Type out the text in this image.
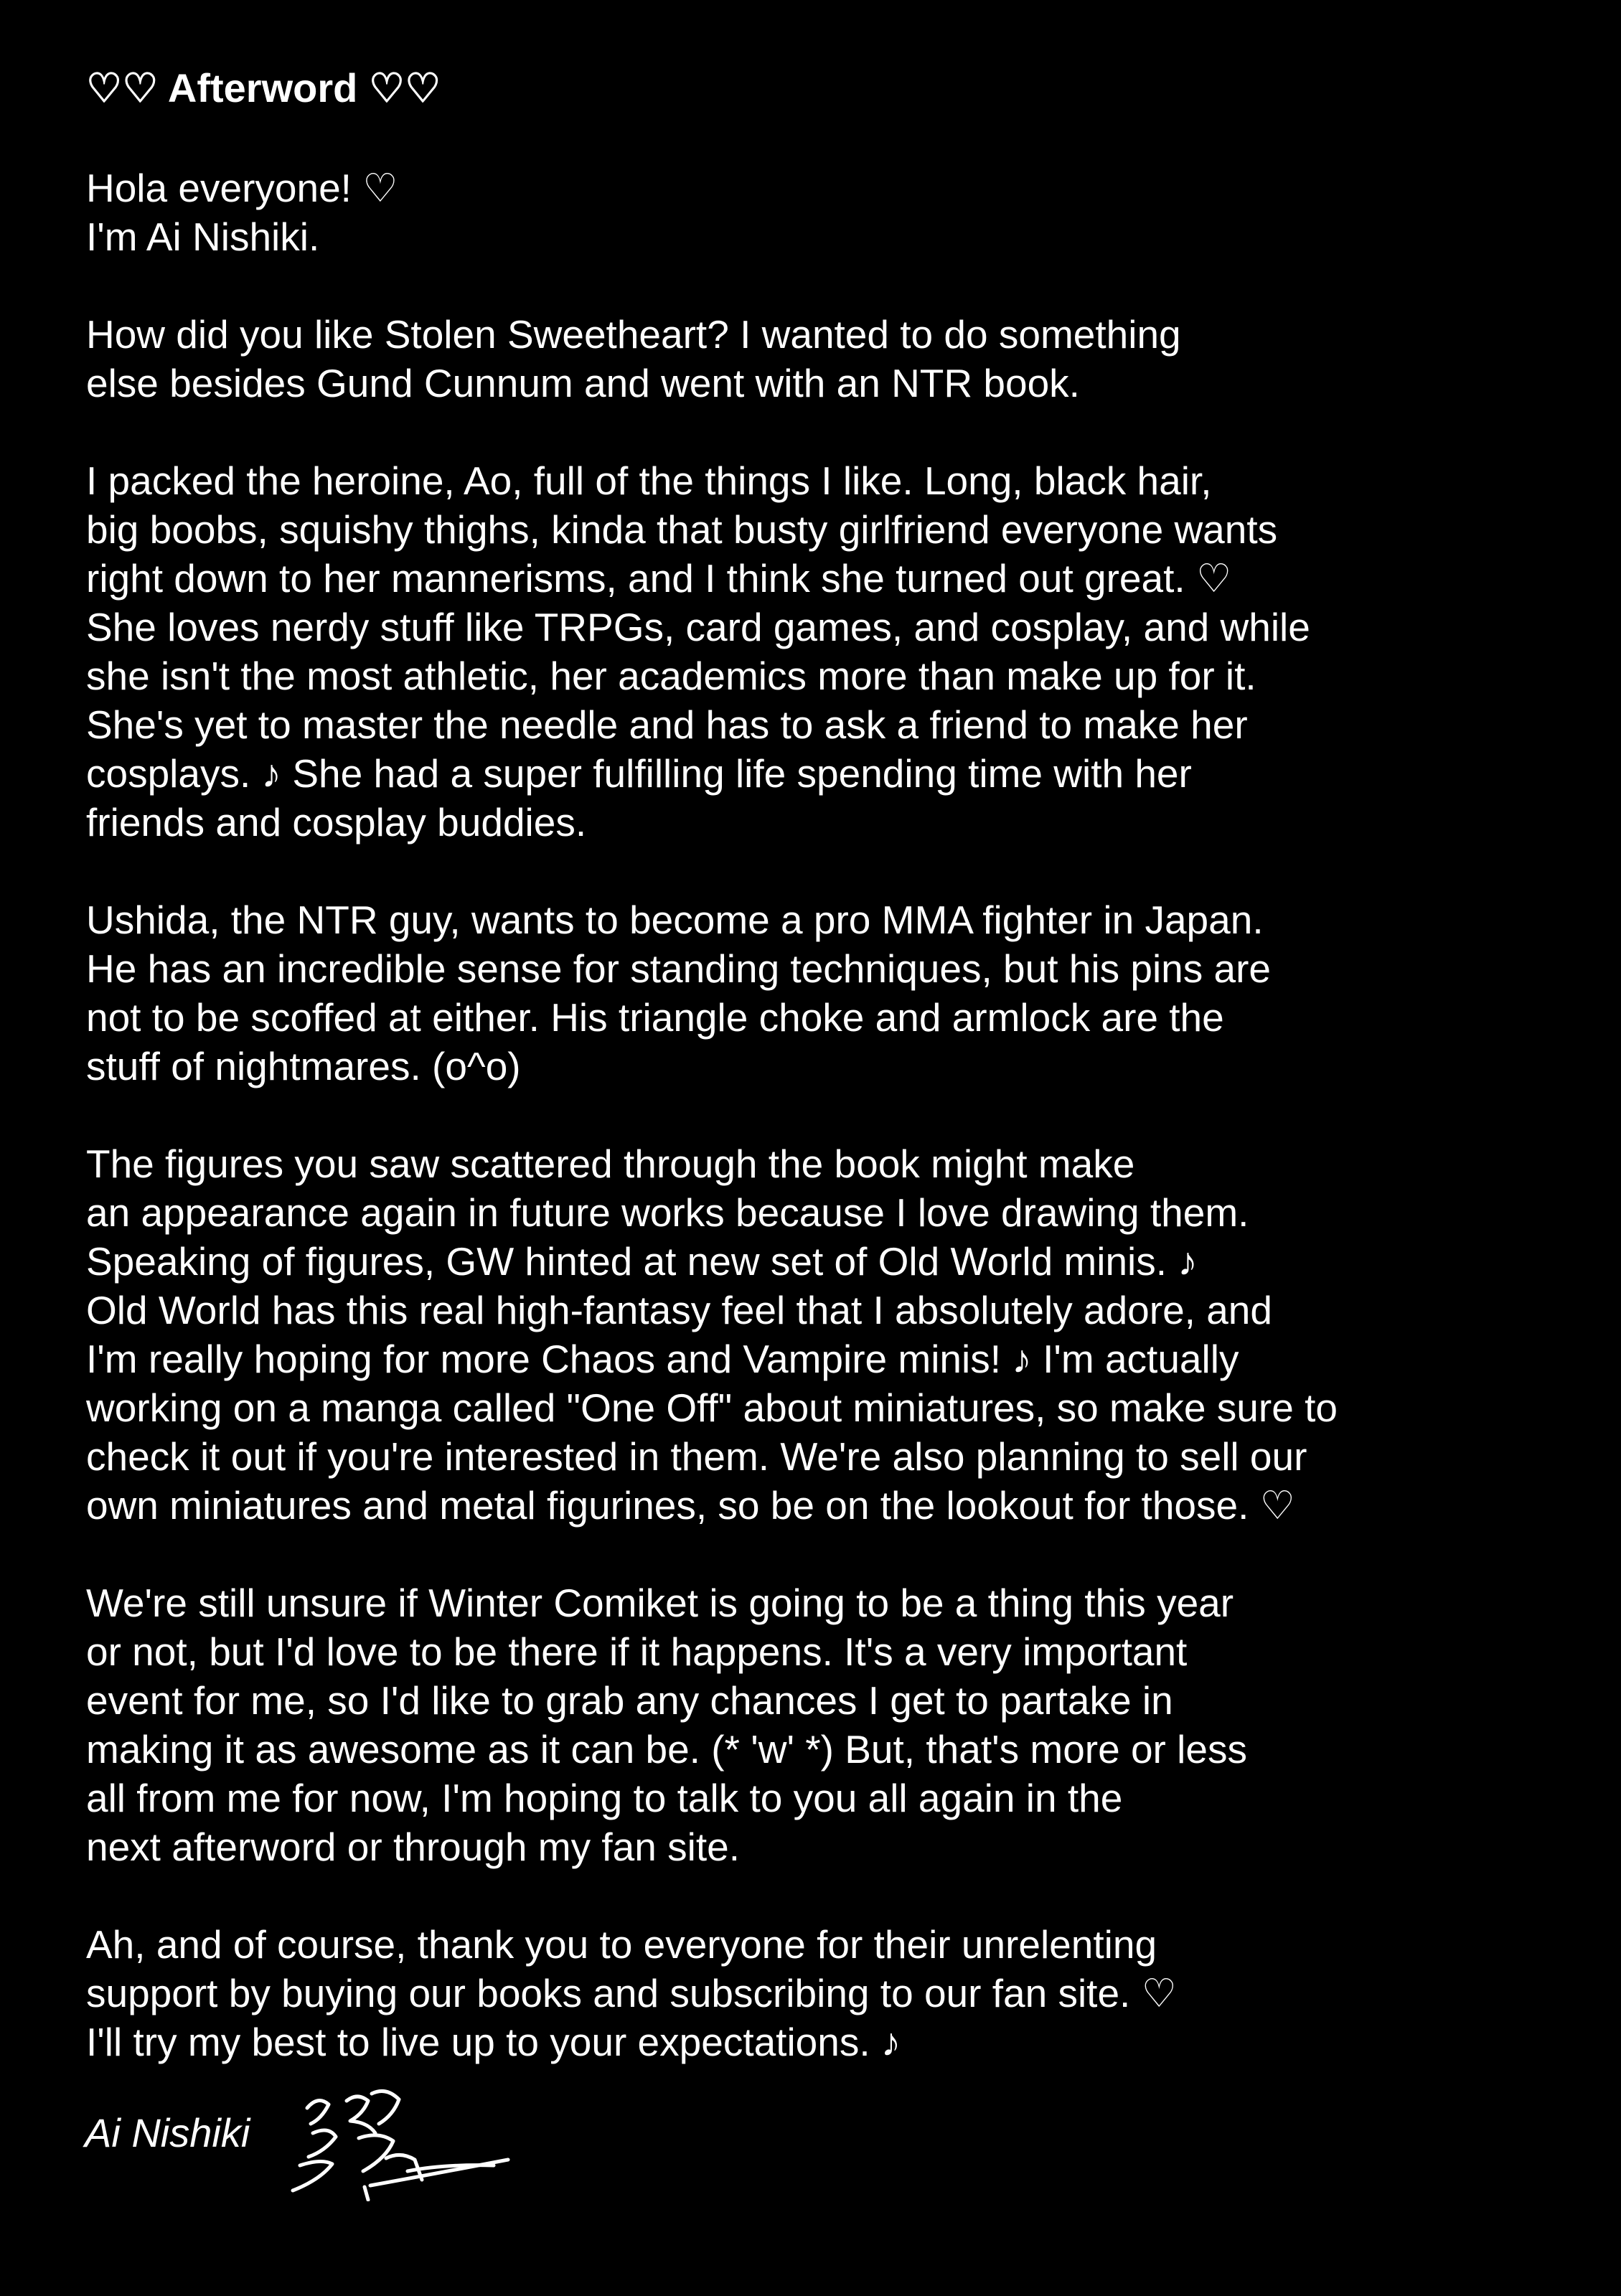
♡♡ Afterword ♡♡
Hola everyone! ♡
I'm Ai Nishiki.
How did you like Stolen Sweetheart? I wanted to do something
else besides Gund Cunnum and went with an NTR book.
I packed the heroine, Ao, full of the things I like. Long, black hair,
big boobs, squishy thighs, kinda that busty girlfriend everyone wants
right down to her mannerisms, and I think she turned out great. ♡
She loves nerdy stuff like TRPGs, card games, and cosplay, and while
she isn't the most athletic, her academics more than make up for it.
She's yet to master the needle and has to ask a friend to make her
cosplays. ♪ She had a super fulfilling life spending time with her
friends and cosplay buddies.
Ushida, the NTR guy, wants to become a pro MMA fighter in Japan.
He has an incredible sense for standing techniques, but his pins are
not to be scoffed at either. His triangle choke and armlock are the
stuff of nightmares. (o^o)
The figures you saw scattered through the book might make
an appearance again in future works because I love drawing them.
Speaking of figures, GW hinted at new set of Old World minis. ♪
Old World has this real high-fantasy feel that I absolutely adore, and
I'm really hoping for more Chaos and Vampire minis! ♪ I'm actually
working on a manga called "One Off" about miniatures, so make sure to
check it out if you're interested in them. We're also planning to sell our
own miniatures and metal figurines, so be on the lookout for those. ♡
We're still unsure if Winter Comiket is going to be a thing this year
or not, but I'd love to be there if it happens. It's a very important
event for me, so I'd like to grab any chances I get to partake in
making it as awesome as it can be. (* 'w' *) But, that's more or less
all from me for now, I'm hoping to talk to you all again in the
next afterword or through my fan site.
Ah, and of course, thank you to everyone for their unrelenting
support by buying our books and subscribing to our fan site. ♡
I'll try my best to live up to your expectations. ♪
Ai Nishiki
